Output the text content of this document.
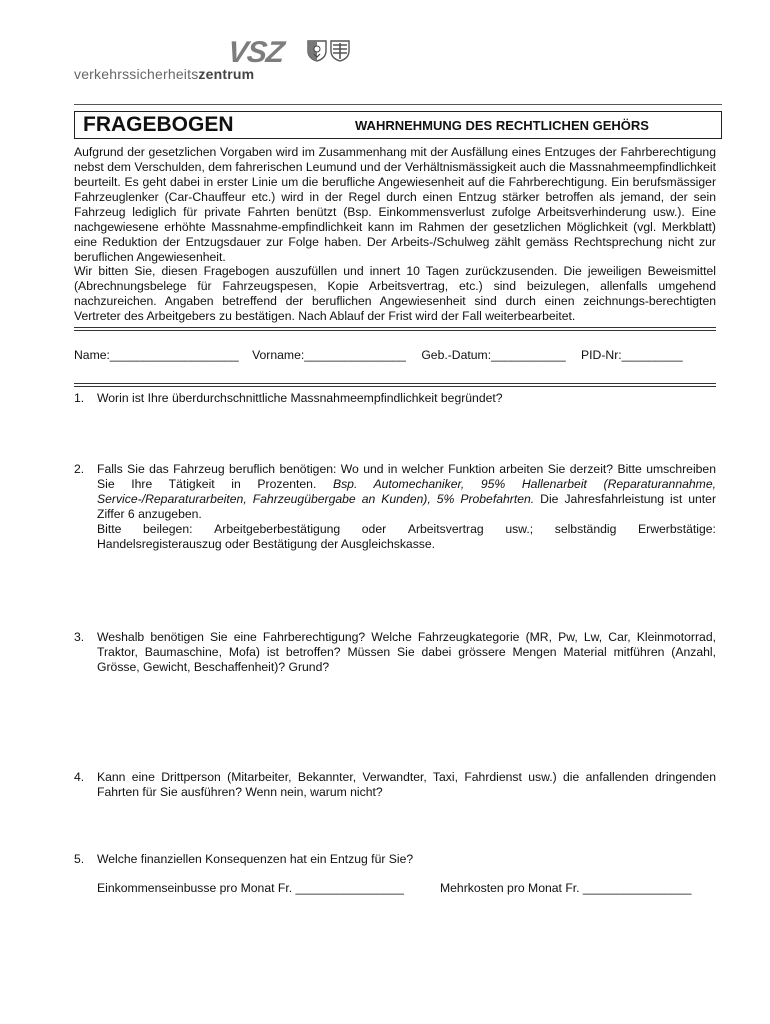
VSZ
verkehrssicherheitszentrum
FRAGEBOGEN	WAHRNEHMUNG DES RECHTLICHEN GEHÖRS
Aufgrund der gesetzlichen Vorgaben wird im Zusammenhang mit der Ausfällung eines Entzuges der Fahrberechtigung nebst dem Verschulden, dem fahrerischen Leumund und der Verhältnismässigkeit auch die Massnahmeempfindlichkeit beurteilt. Es geht dabei in erster Linie um die berufliche Angewiesenheit auf die Fahrberechtigung. Ein berufsmässiger Fahrzeuglenker (Car-Chauffeur etc.) wird in der Regel durch einen Entzug stärker betroffen als jemand, der sein Fahrzeug lediglich für private Fahrten benützt (Bsp. Einkommensverlust zufolge Arbeitsverhinderung usw.). Eine nachgewiesene erhöhte Massnahme-empfindlichkeit kann im Rahmen der gesetzlichen Möglichkeit (vgl. Merkblatt) eine Reduktion der Entzugsdauer zur Folge haben. Der Arbeits-/Schulweg zählt gemäss Rechtsprechung nicht zur beruflichen Angewiesenheit.
Wir bitten Sie, diesen Fragebogen auszufüllen und innert 10 Tagen zurückzusenden. Die jeweiligen Beweismittel (Abrechnungsbelege für Fahrzeugspesen, Kopie Arbeitsvertrag, etc.) sind beizulegen, allenfalls umgehend nachzureichen. Angaben betreffend der beruflichen Angewiesenheit sind durch einen zeichnungs-berechtigten Vertreter des Arbeitgebers zu bestätigen. Nach Ablauf der Frist wird der Fall weiterbearbeitet.
Name:___________________ Vorname:_______________ Geb.-Datum:___________ PID-Nr:_________
1. Worin ist Ihre überdurchschnittliche Massnahmeempfindlichkeit begründet?
2. Falls Sie das Fahrzeug beruflich benötigen: Wo und in welcher Funktion arbeiten Sie derzeit? Bitte umschreiben Sie Ihre Tätigkeit in Prozenten. Bsp. Automechaniker, 95% Hallenarbeit (Reparaturannahme, Service-/Reparaturarbeiten, Fahrzeugübergabe an Kunden), 5% Probefahrten. Die Jahresfahrleistung ist unter Ziffer 6 anzugeben.
Bitte beilegen: Arbeitgeberbestätigung oder Arbeitsvertrag usw.; selbständig Erwerbstätige:
Handelsregisterauszug oder Bestätigung der Ausgleichskasse.
3. Weshalb benötigen Sie eine Fahrberechtigung? Welche Fahrzeugkategorie (MR, Pw, Lw, Car, Kleinmotorrad, Traktor, Baumaschine, Mofa) ist betroffen? Müssen Sie dabei grössere Mengen Material mitführen (Anzahl, Grösse, Gewicht, Beschaffenheit)? Grund?
4. Kann eine Drittperson (Mitarbeiter, Bekannter, Verwandter, Taxi, Fahrdienst usw.) die anfallenden dringenden Fahrten für Sie ausführen? Wenn nein, warum nicht?
5. Welche finanziellen Konsequenzen hat ein Entzug für Sie?
Einkommenseinbusse pro Monat Fr. ________________	Mehrkosten pro Monat Fr. ________________
